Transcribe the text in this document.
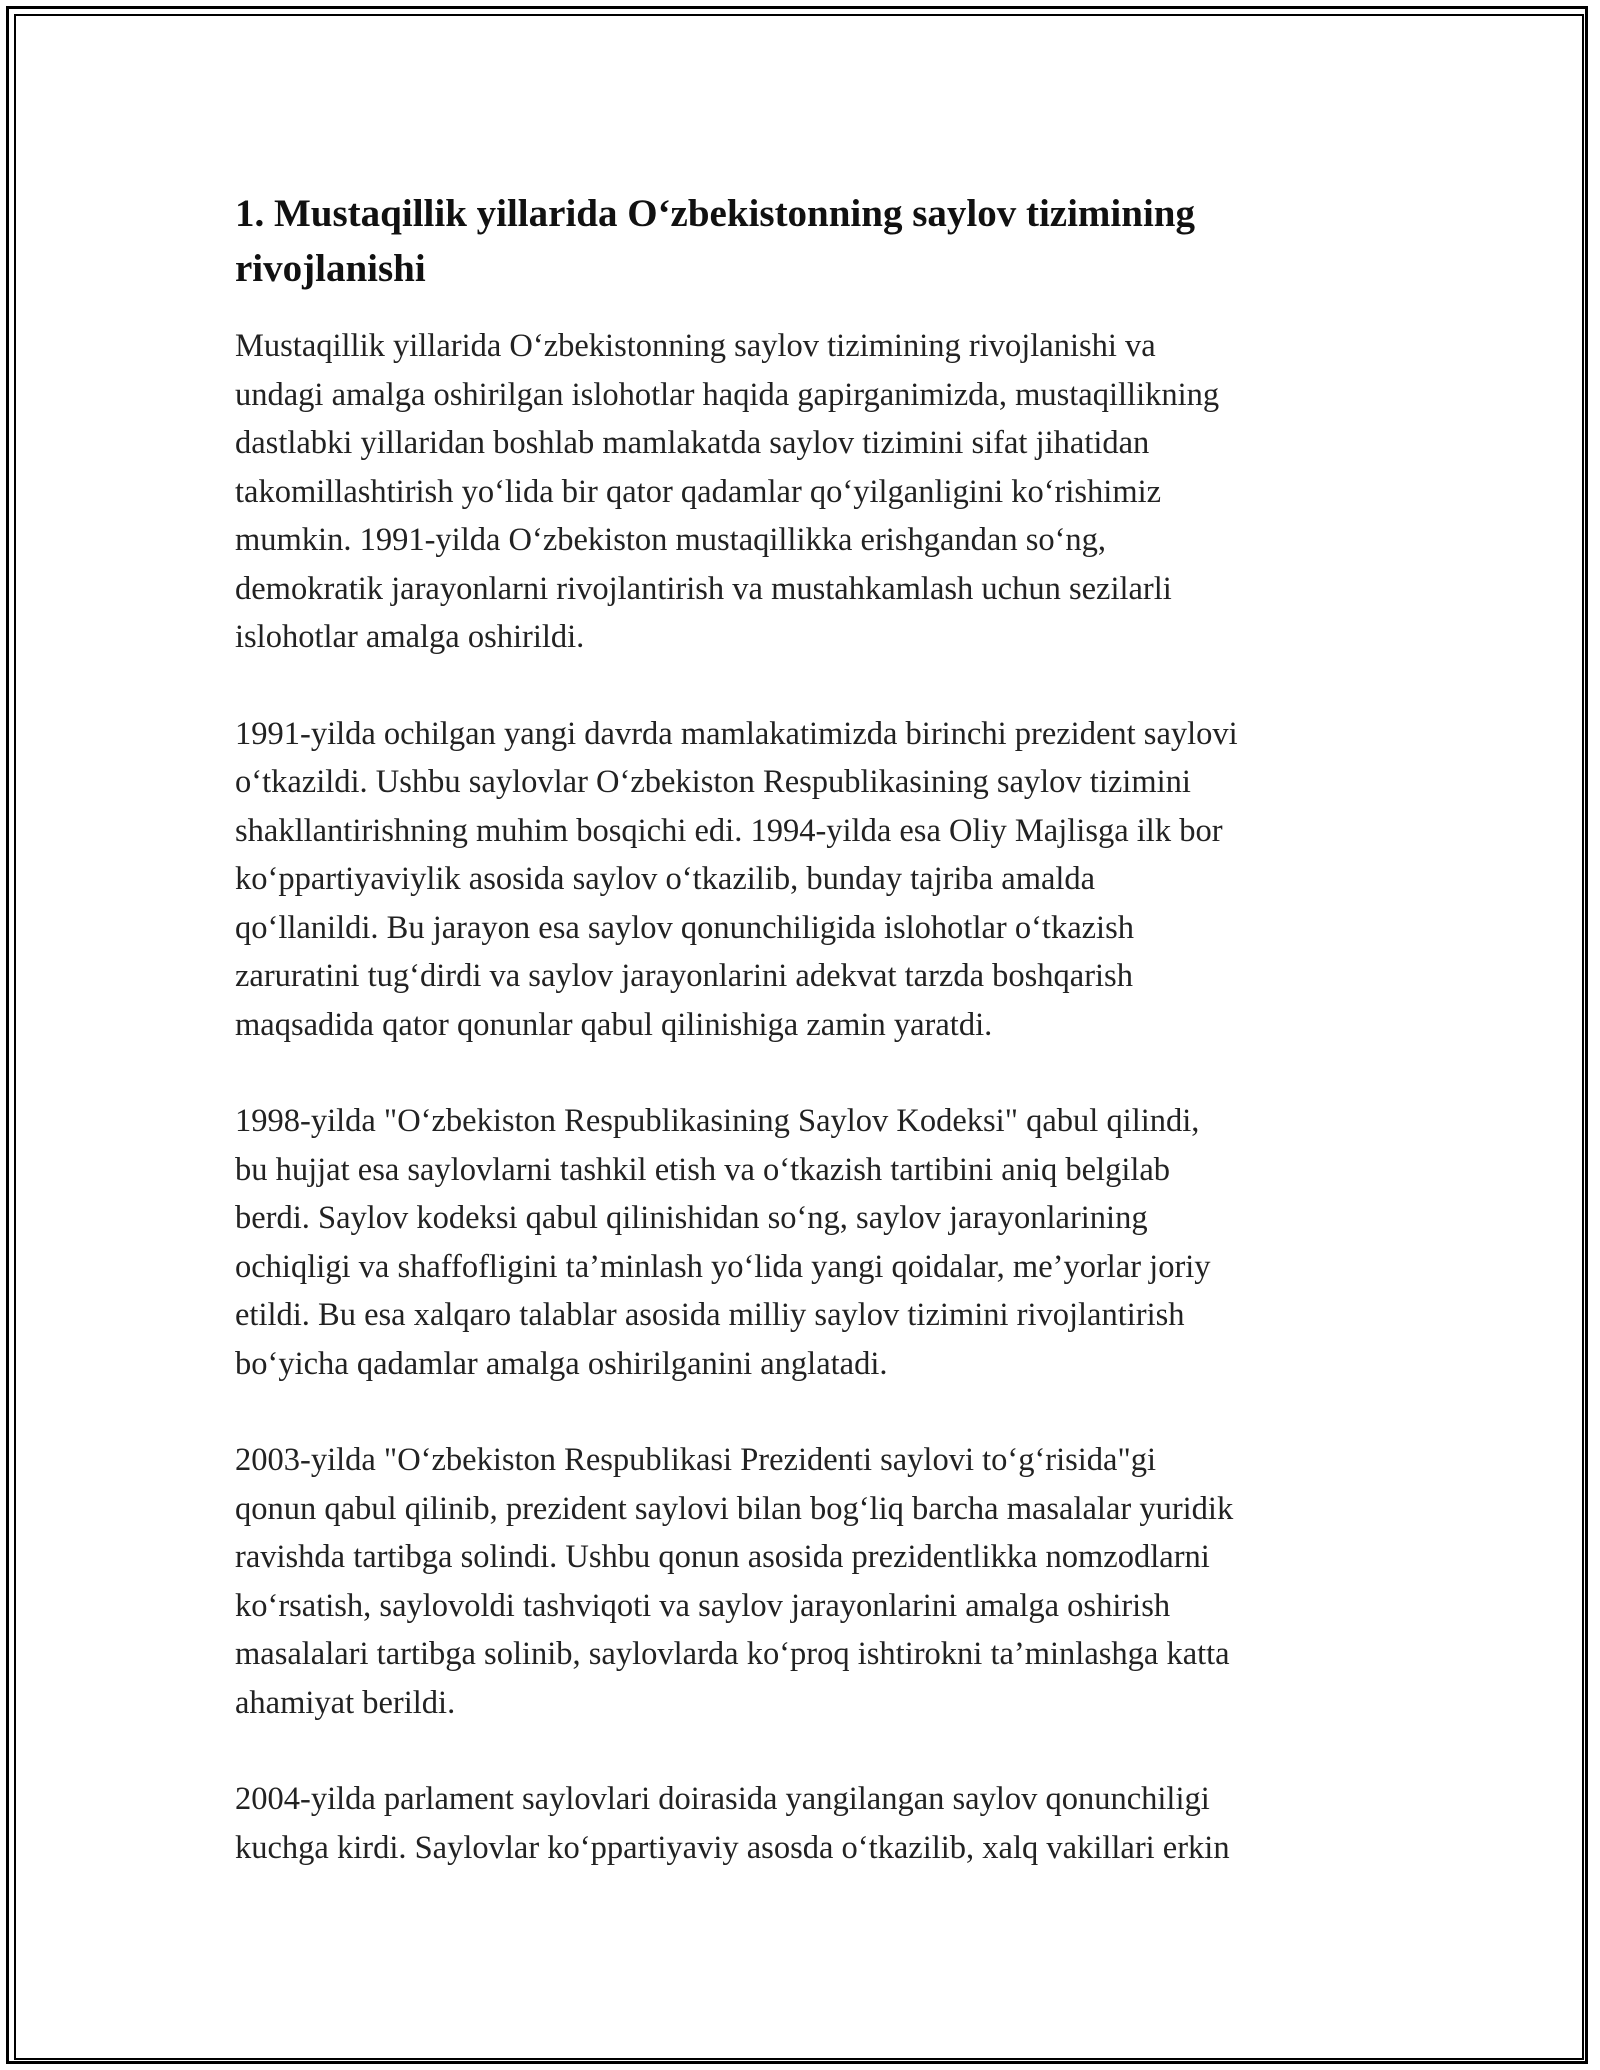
1. Mustaqillik yillarida O‘zbekistonning saylov tizimining
rivojlanishi
Mustaqillik yillarida O‘zbekistonning saylov tizimining rivojlanishi va
undagi amalga oshirilgan islohotlar haqida gapirganimizda, mustaqillikning
dastlabki yillaridan boshlab mamlakatda saylov tizimini sifat jihatidan
takomillashtirish yo‘lida bir qator qadamlar qo‘yilganligini ko‘rishimiz
mumkin. 1991-yilda O‘zbekiston mustaqillikka erishgandan so‘ng,
demokratik jarayonlarni rivojlantirish va mustahkamlash uchun sezilarli
islohotlar amalga oshirildi.
1991-yilda ochilgan yangi davrda mamlakatimizda birinchi prezident saylovi
o‘tkazildi. Ushbu saylovlar O‘zbekiston Respublikasining saylov tizimini
shakllantirishning muhim bosqichi edi. 1994-yilda esa Oliy Majlisga ilk bor
ko‘ppartiyaviylik asosida saylov o‘tkazilib, bunday tajriba amalda
qo‘llanildi. Bu jarayon esa saylov qonunchiligida islohotlar o‘tkazish
zaruratini tug‘dirdi va saylov jarayonlarini adekvat tarzda boshqarish
maqsadida qator qonunlar qabul qilinishiga zamin yaratdi.
1998-yilda "O‘zbekiston Respublikasining Saylov Kodeksi" qabul qilindi,
bu hujjat esa saylovlarni tashkil etish va o‘tkazish tartibini aniq belgilab
berdi. Saylov kodeksi qabul qilinishidan so‘ng, saylov jarayonlarining
ochiqligi va shaffofligini ta’minlash yo‘lida yangi qoidalar, me’yorlar joriy
etildi. Bu esa xalqaro talablar asosida milliy saylov tizimini rivojlantirish
bo‘yicha qadamlar amalga oshirilganini anglatadi.
2003-yilda "O‘zbekiston Respublikasi Prezidenti saylovi to‘g‘risida"gi
qonun qabul qilinib, prezident saylovi bilan bog‘liq barcha masalalar yuridik
ravishda tartibga solindi. Ushbu qonun asosida prezidentlikka nomzodlarni
ko‘rsatish, saylovoldi tashviqoti va saylov jarayonlarini amalga oshirish
masalalari tartibga solinib, saylovlarda ko‘proq ishtirokni ta’minlashga katta
ahamiyat berildi.
2004-yilda parlament saylovlari doirasida yangilangan saylov qonunchiligi
kuchga kirdi. Saylovlar ko‘ppartiyaviy asosda o‘tkazilib, xalq vakillari erkin
